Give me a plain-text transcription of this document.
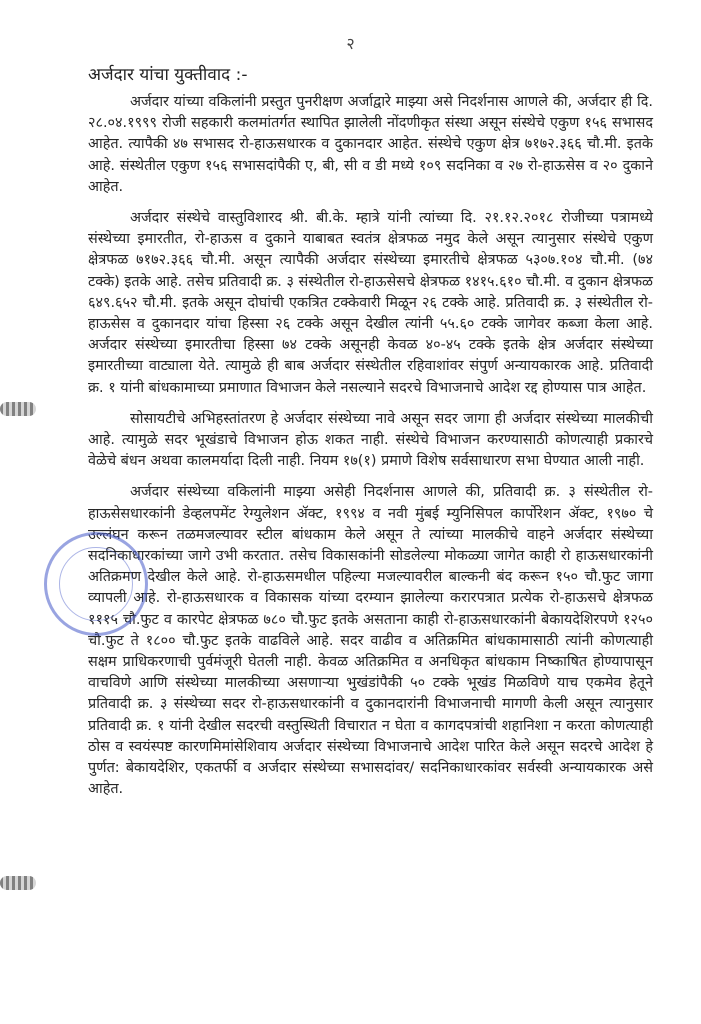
२
अर्जदार यांचा युक्तीवाद :-

अर्जदार यांच्या वकिलांनी प्रस्तुत पुनरीक्षण अर्जाद्वारे माझ्या असे निदर्शनास आणले की, अर्जदार ही दि. २८.०४.१९९९ रोजी सहकारी कलमांतर्गत स्थापित झालेली नोंदणीकृत संस्था असून संस्थेचे एकुण १५६ सभासद आहेत. त्यापैकी ४७ सभासद रो-हाऊसधारक व दुकानदार आहेत. संस्थेचे एकुण क्षेत्र ७१७२.३६६ चौ.मी. इतके आहे. संस्थेतील एकुण १५६ सभासदांपैकी ए, बी, सी व डी मध्ये १०९ सदनिका व २७ रो-हाऊसेस व २० दुकाने आहेत.

अर्जदार संस्थेचे वास्तुविशारद श्री. बी.के. म्हात्रे यांनी त्यांच्या दि. २१.१२.२०१८ रोजीच्या पत्रामध्ये संस्थेच्या इमारतीत, रो-हाऊस व दुकाने याबाबत स्वतंत्र क्षेत्रफळ नमुद केले असून त्यानुसार संस्थेचे एकुण क्षेत्रफळ ७१७२.३६६ चौ.मी. असून त्यापैकी अर्जदार संस्थेच्या इमारतीचे क्षेत्रफळ ५३०७.१०४ चौ.मी. (७४ टक्के) इतके आहे. तसेच प्रतिवादी क्र. ३ संस्थेतील रो-हाऊसेसचे क्षेत्रफळ १४१५.६१० चौ.मी. व दुकान क्षेत्रफळ ६४९.६५२ चौ.मी. इतके असून दोघांची एकत्रित टक्केवारी मिळून २६ टक्के आहे. प्रतिवादी क्र. ३ संस्थेतील रो-हाऊसेस व दुकानदार यांचा हिस्सा २६ टक्के असून देखील त्यांनी ५५.६० टक्के जागेवर कब्जा केला आहे. अर्जदार संस्थेच्या इमारतीचा हिस्सा ७४ टक्के असूनही केवळ ४०-४५ टक्के इतके क्षेत्र अर्जदार संस्थेच्या इमारतीच्या वाट्याला येते. त्यामुळे ही बाब अर्जदार संस्थेतील रहिवाशांवर संपुर्ण अन्यायकारक आहे. प्रतिवादी क्र. १ यांनी बांधकामाच्या प्रमाणात विभाजन केले नसल्याने सदरचे विभाजनाचे आदेश रद्द होण्यास पात्र आहेत.

सोसायटीचे अभिहस्तांतरण हे अर्जदार संस्थेच्या नावे असून सदर जागा ही अर्जदार संस्थेच्या मालकीची आहे. त्यामुळे सदर भूखंडाचे विभाजन होऊ शकत नाही. संस्थेचे विभाजन करण्यासाठी कोणत्याही प्रकारचे वेळेचे बंधन अथवा कालमर्यादा दिली नाही. नियम १७(१) प्रमाणे विशेष सर्वसाधारण सभा घेण्यात आली नाही.

अर्जदार संस्थेच्या वकिलांनी माझ्या असेही निदर्शनास आणले की, प्रतिवादी क्र. ३ संस्थेतील रो-हाऊसेसधारकांनी डेव्हलपमेंट रेग्युलेशन ॲक्ट, १९९४ व नवी मुंबई म्युनिसिपल कार्पोरेशन ॲक्ट, १९७० चे उल्लंघन करून तळमजल्यावर स्टील बांधकाम केले असून ते त्यांच्या मालकीचे वाहने अर्जदार संस्थेच्या सदनिकाधारकांच्या जागे उभी करतात. तसेच विकासकांनी सोडलेल्या मोकळ्या जागेत काही रो हाऊसधारकांनी अतिक्रमण देखील केले आहे. रो-हाऊसमधील पहिल्या मजल्यावरील बाल्कनी बंद करून १५० चौ.फुट जागा व्यापली आहे. रो-हाऊसधारक व विकासक यांच्या दरम्यान झालेल्या करारपत्रात प्रत्येक रो-हाऊसचे क्षेत्रफळ १११५ चौ.फुट व कारपेट क्षेत्रफळ ७८० चौ.फुट इतके असताना काही रो-हाऊसधारकांनी बेकायदेशिरपणे १२५० चौ.फुट ते १८०० चौ.फुट इतके वाढविले आहे. सदर वाढीव व अतिक्रमित बांधकामासाठी त्यांनी कोणत्याही सक्षम प्राधिकरणाची पुर्वमंजूरी घेतली नाही. केवळ अतिक्रमित व अनधिकृत बांधकाम निष्काषित होण्यापासून वाचविणे आणि संस्थेच्या मालकीच्या असणाऱ्या भुखंडांपैकी ५० टक्के भूखंड मिळविणे याच एकमेव हेतूने प्रतिवादी क्र. ३ संस्थेच्या सदर रो-हाऊसधारकांनी व दुकानदारांनी विभाजनाची मागणी केली असून त्यानुसार प्रतिवादी क्र. १ यांनी देखील सदरची वस्तुस्थिती विचारात न घेता व कागदपत्रांची शहानिशा न करता कोणत्याही ठोस व स्वयंस्पष्ट कारणमिमांसेशिवाय अर्जदार संस्थेच्या विभाजनाचे आदेश पारित केले असून सदरचे आदेश हे पुर्णत: बेकायदेशिर, एकतर्फी व अर्जदार संस्थेच्या सभासदांवर/ सदनिकाधारकांवर सर्वस्वी अन्यायकारक असे आहेत.
